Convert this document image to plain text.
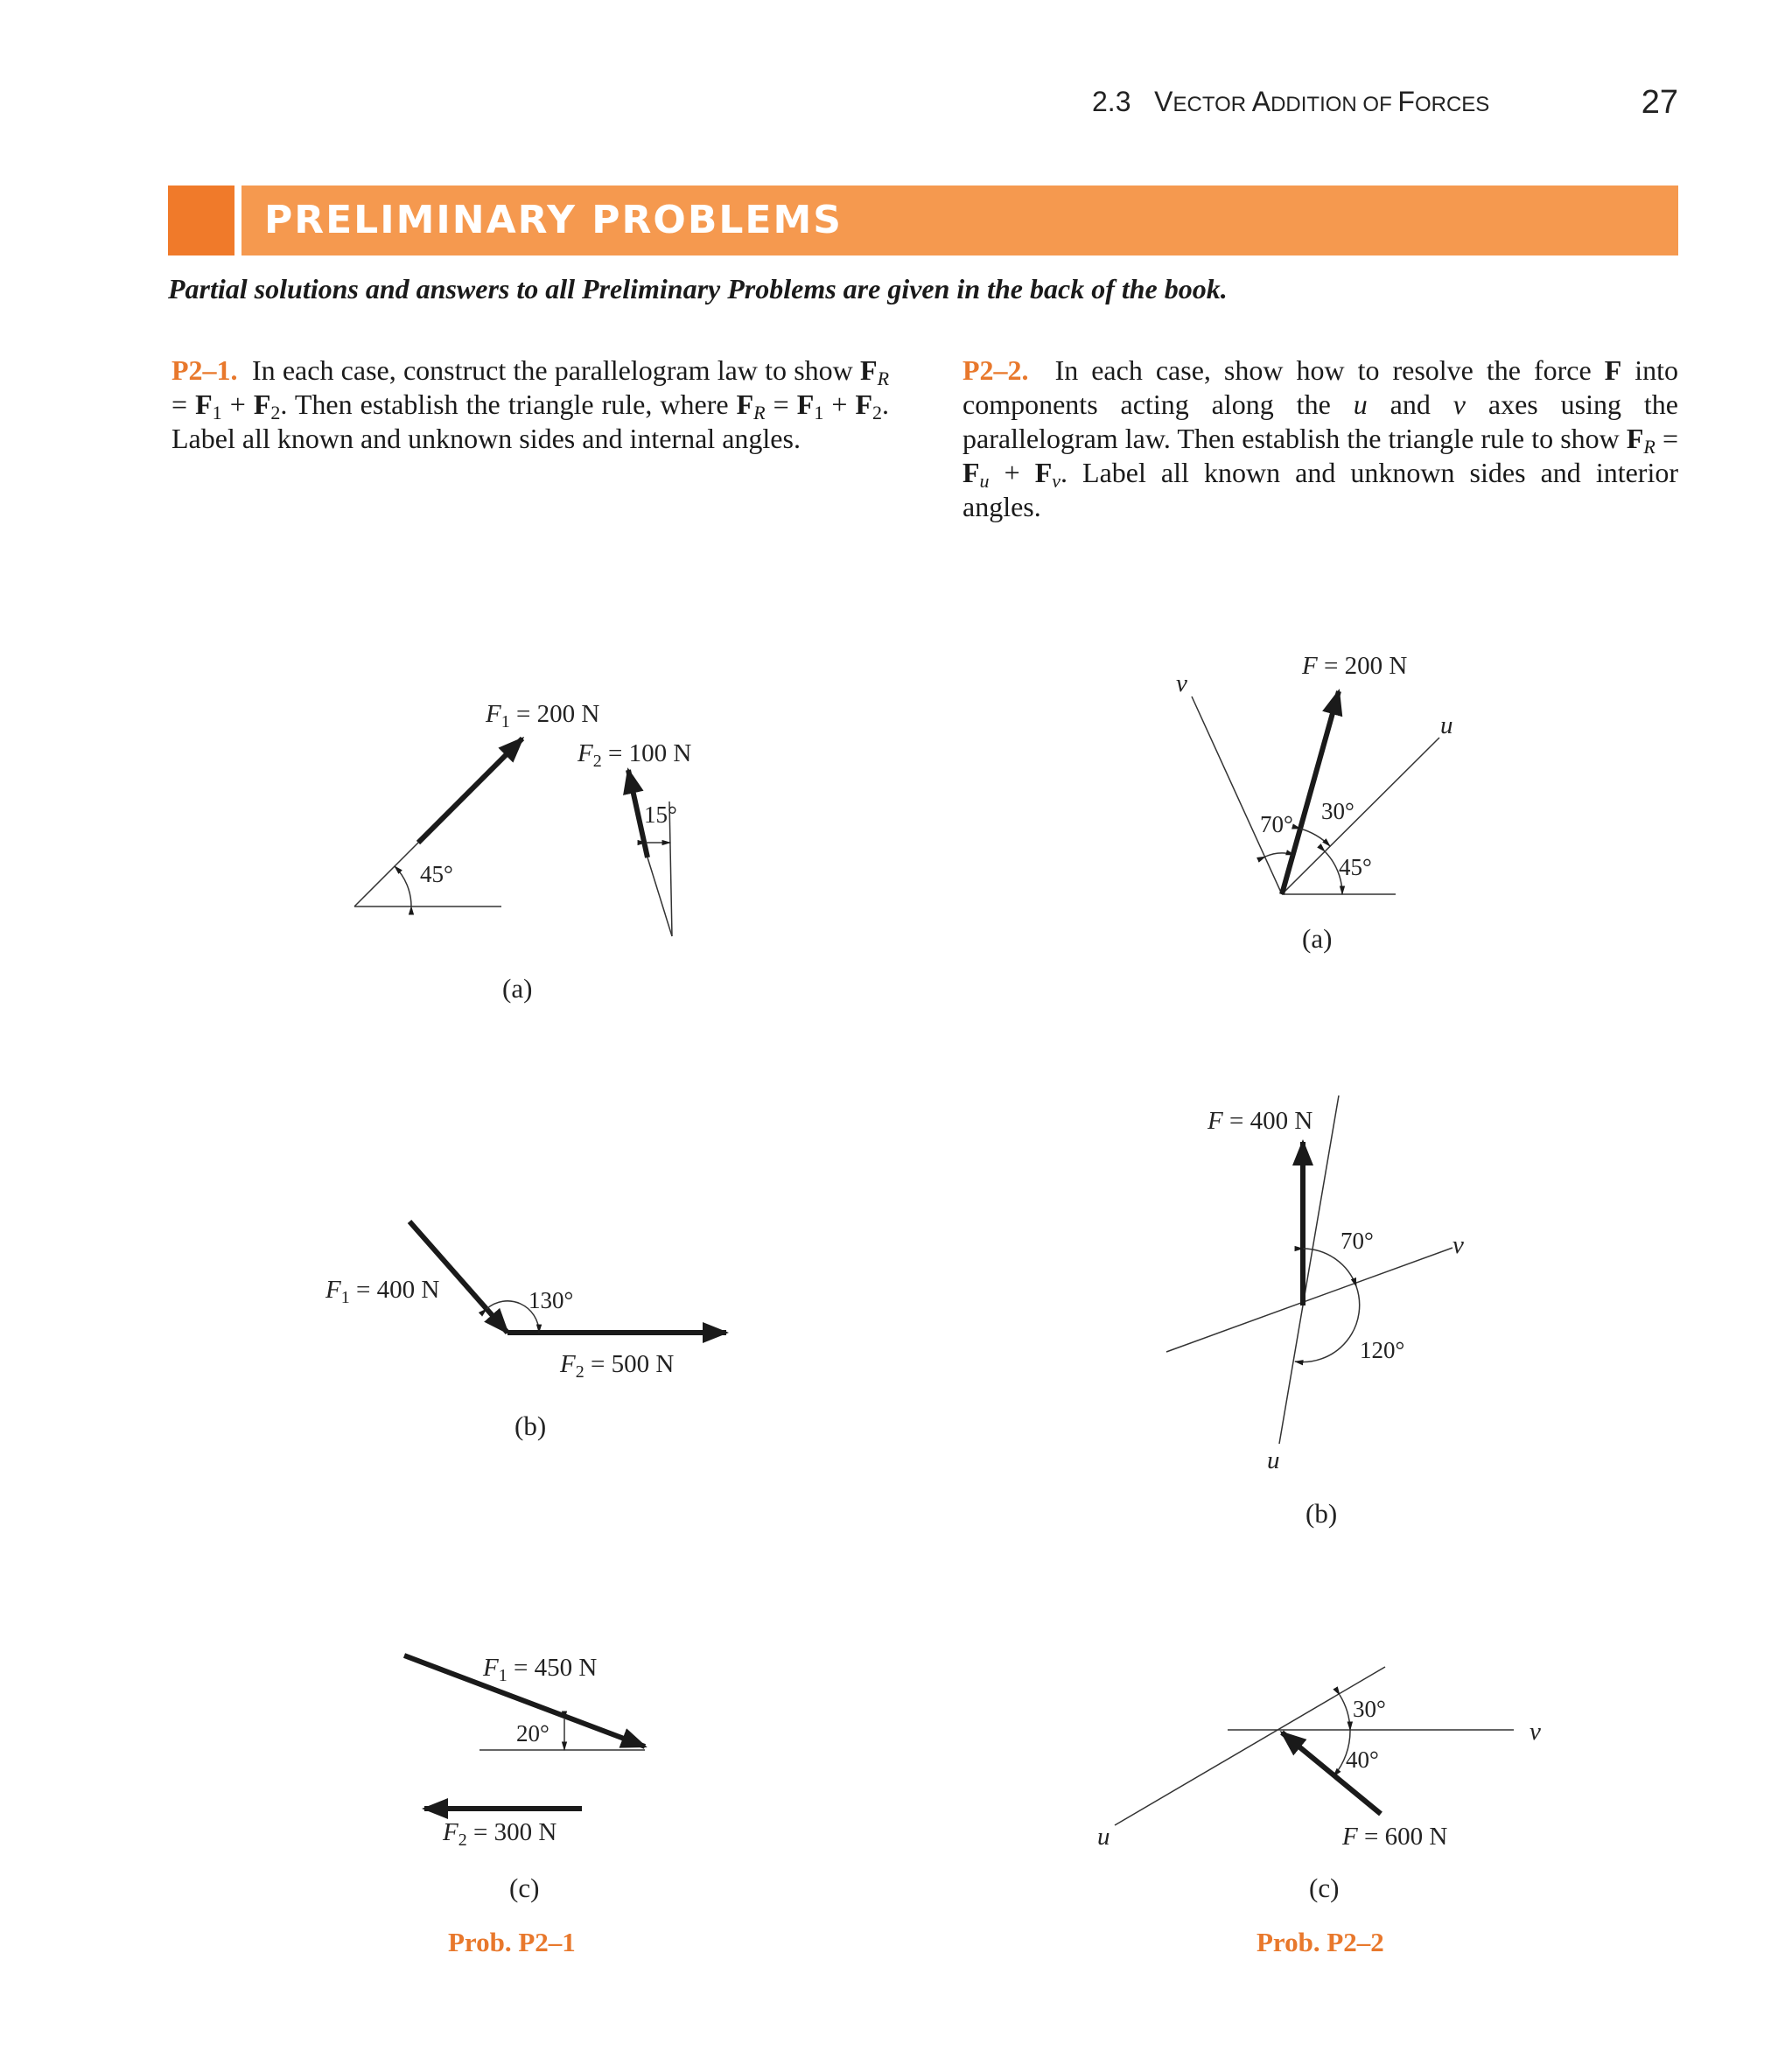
2.3 VECTOR ADDITION OF FORCES	27
PRELIMINARY PROBLEMS
Partial solutions and answers to all Preliminary Problems are given in the back of the book.
P2–1. In each case, construct the parallelogram law to show $F_R = F_1 + F_2$. Then establish the triangle rule, where $F_R = F_1 + F_2$. Label all known and unknown sides and internal angles.
P2–2. In each case, show how to resolve the force F into components acting along the u and v axes using the parallelogram law. Then establish the triangle rule to show $F_R = F_u + F_v$. Label all known and unknown sides and interior angles.
45°
$F_1 = 200$ N
15°
$F_2 = 100$ N
(a)
130°
$F_1 = 400$ N
$F_2 = 500$ N
(b)
20°
$F_1 = 450$ N
$F_2 = 300$ N
(c)
Prob. P2–1
70° 30°
45°
F = 200 N
v
u
(a)
70°
120°
F = 400 N
v
u
(b)
30°
40°
F = 600 N
v
u
(c)
Prob. P2–2
